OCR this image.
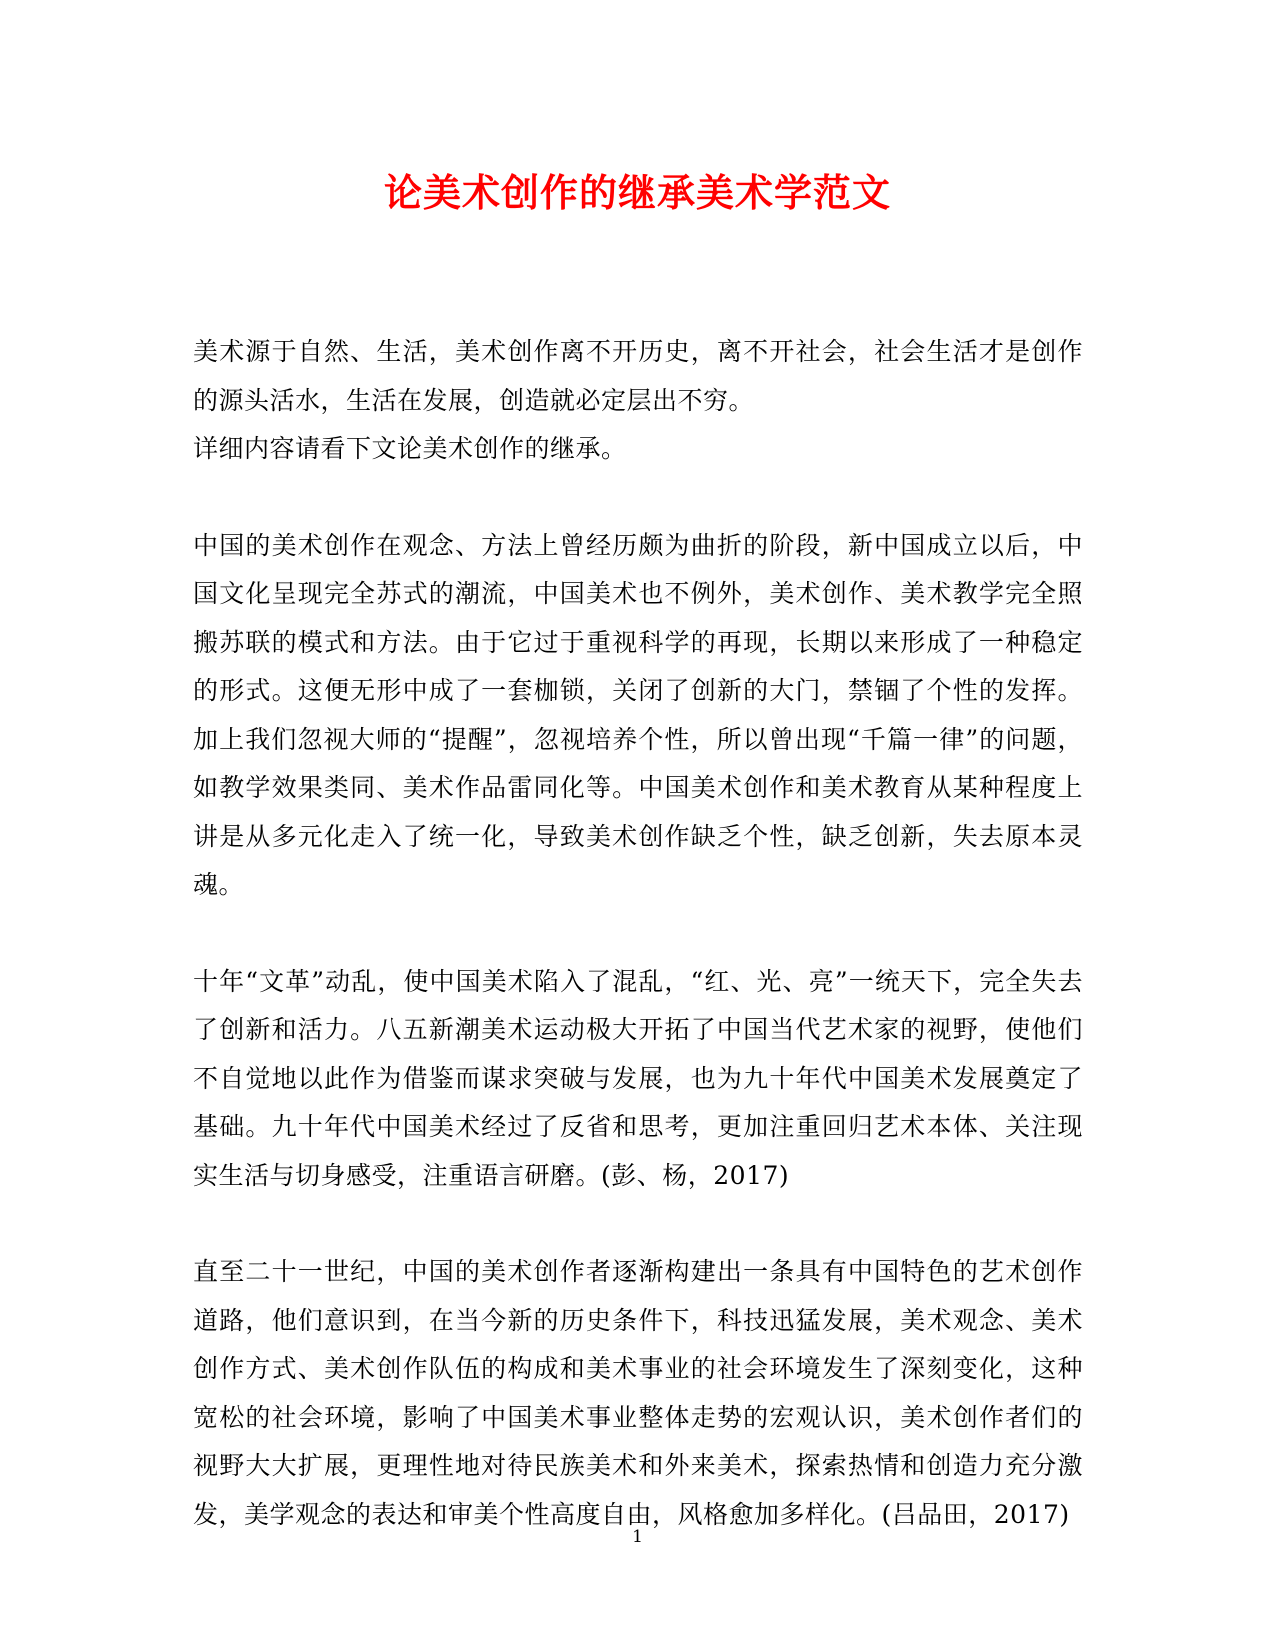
论美术创作的继承美术学范文

美术源于自然、生活，美术创作离不开历史，离不开社会，社会生活才是创作的源头活水，生活在发展，创造就必定层出不穷。

详细内容请看下文论美术创作的继承。

中国的美术创作在观念、方法上曾经历颇为曲折的阶段，新中国成立以后，中国文化呈现完全苏式的潮流，中国美术也不例外，美术创作、美术教学完全照搬苏联的模式和方法。由于它过于重视科学的再现，长期以来形成了一种稳定的形式。这便无形中成了一套枷锁，关闭了创新的大门，禁锢了个性的发挥。加上我们忽视大师的“提醒”，忽视培养个性，所以曾出现“千篇一律”的问题，如教学效果类同、美术作品雷同化等。中国美术创作和美术教育从某种程度上讲是从多元化走入了统一化，导致美术创作缺乏个性，缺乏创新，失去原本灵魂。

十年“文革”动乱，使中国美术陷入了混乱，“红、光、亮”一统天下，完全失去了创新和活力。八五新潮美术运动极大开拓了中国当代艺术家的视野，使他们不自觉地以此作为借鉴而谋求突破与发展，也为九十年代中国美术发展奠定了基础。九十年代中国美术经过了反省和思考，更加注重回归艺术本体、关注现实生活与切身感受，注重语言研磨。(彭、杨，2017)

直至二十一世纪，中国的美术创作者逐渐构建出一条具有中国特色的艺术创作道路，他们意识到，在当今新的历史条件下，科技迅猛发展，美术观念、美术创作方式、美术创作队伍的构成和美术事业的社会环境发生了深刻变化，这种宽松的社会环境，影响了中国美术事业整体走势的宏观认识，美术创作者们的视野大大扩展，更理性地对待民族美术和外来美术，探索热情和创造力充分激发，美学观念的表达和审美个性高度自由，风格愈加多样化。(吕品田，2017)

1
